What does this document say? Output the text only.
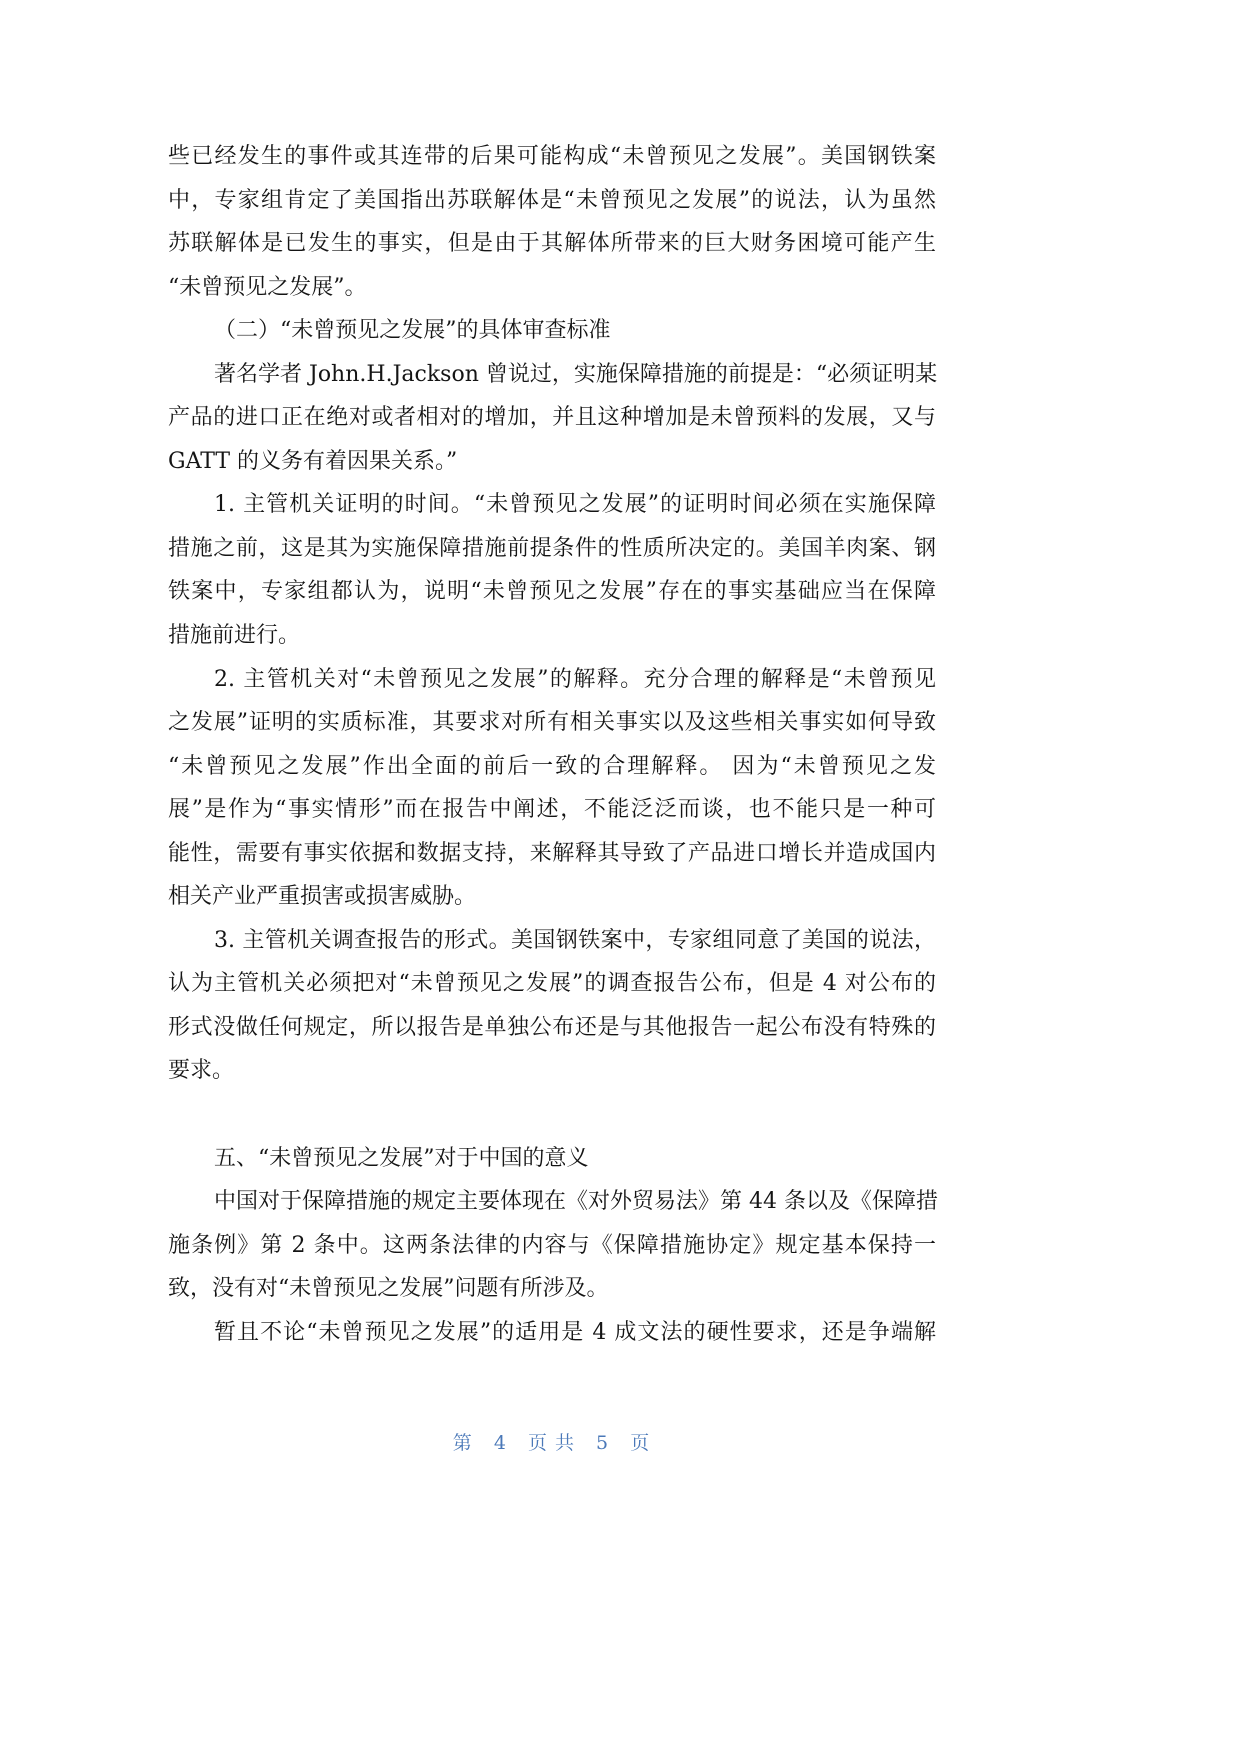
些已经发生的事件或其连带的后果可能构成“未曾预见之发展”。美国钢铁案
中，专家组肯定了美国指出苏联解体是“未曾预见之发展”的说法，认为虽然
苏联解体是已发生的事实，但是由于其解体所带来的巨大财务困境可能产生
“未曾预见之发展”。
（二）“未曾预见之发展”的具体审查标准
著名学者 John.H.Jackson 曾说过，实施保障措施的前提是：“必须证明某
产品的进口正在绝对或者相对的增加，并且这种增加是未曾预料的发展，又与
GATT 的义务有着因果关系。”
1. 主管机关证明的时间。“未曾预见之发展”的证明时间必须在实施保障
措施之前，这是其为实施保障措施前提条件的性质所决定的。美国羊肉案、钢
铁案中，专家组都认为，说明“未曾预见之发展”存在的事实基础应当在保障
措施前进行。
2. 主管机关对“未曾预见之发展”的解释。充分合理的解释是“未曾预见
之发展”证明的实质标准，其要求对所有相关事实以及这些相关事实如何导致
“未曾预见之发展”作出全面的前后一致的合理解释。 因为“未曾预见之发
展”是作为“事实情形”而在报告中阐述，不能泛泛而谈，也不能只是一种可
能性，需要有事实依据和数据支持，来解释其导致了产品进口增长并造成国内
相关产业严重损害或损害威胁。
3. 主管机关调查报告的形式。美国钢铁案中，专家组同意了美国的说法，
认为主管机关必须把对“未曾预见之发展”的调查报告公布，但是 4 对公布的
形式没做任何规定，所以报告是单独公布还是与其他报告一起公布没有特殊的
要求。
五、“未曾预见之发展”对于中国的意义
中国对于保障措施的规定主要体现在《对外贸易法》第 44 条以及《保障措
施条例》第 2 条中。这两条法律的内容与《保障措施协定》规定基本保持一
致，没有对“未曾预见之发展”问题有所涉及。
暂且不论“未曾预见之发展”的适用是 4 成文法的硬性要求，还是争端解
第 4 页共 5 页
